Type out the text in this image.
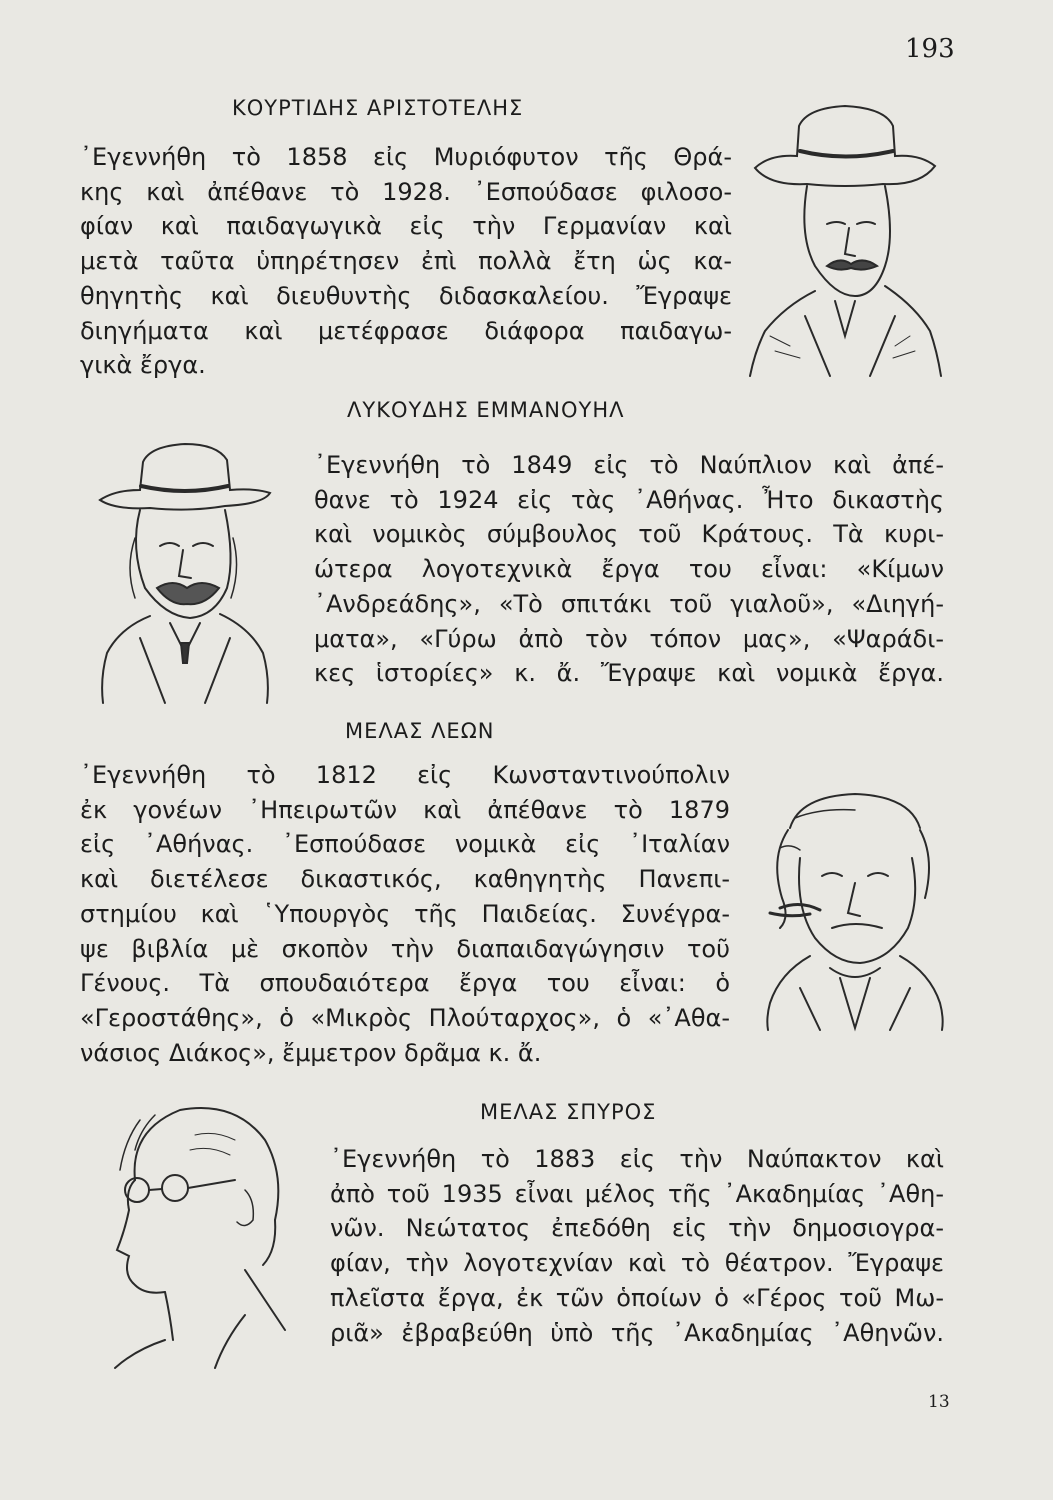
193
ΚΟΥΡΤΙΔΗΣ ΑΡΙΣΤΟΤΕΛΗΣ
᾿Εγεννήθη τὸ 1858 εἰς Μυριόφυτον τῆς Θρά-
κης καὶ ἀπέθανε τὸ 1928. ᾿Εσπούδασε φιλοσο-
φίαν καὶ παιδαγωγικὰ εἰς τὴν Γερμανίαν καὶ
μετὰ ταῦτα ὑπηρέτησεν ἐπὶ πολλὰ ἔτη ὡς κα-
θηγητὴς καὶ διευθυντὴς διδασκαλείου. Ἔγραψε
διηγήματα καὶ μετέφρασε διάφορα παιδαγω-
γικὰ ἔργα.
ΛΥΚΟΥΔΗΣ ΕΜΜΑΝΟΥΗΛ
᾿Εγεννήθη τὸ 1849 εἰς τὸ Ναύπλιον καὶ ἀπέ-
θανε τὸ 1924 εἰς τὰς ᾿Αθήνας. Ἦτο δικαστὴς
καὶ νομικὸς σύμβουλος τοῦ Κράτους. Τὰ κυρι-
ώτερα λογοτεχνικὰ ἔργα του εἶναι: «Κίμων
᾿Ανδρεάδης», «Τὸ σπιτάκι τοῦ γιαλοῦ», «Διηγή-
ματα», «Γύρω ἀπὸ τὸν τόπον μας», «Ψαράδι-
κες ἱστορίες» κ. ἄ. Ἔγραψε καὶ νομικὰ ἔργα.
ΜΕΛΑΣ ΛΕΩΝ
᾿Εγεννήθη τὸ 1812 εἰς Κωνσταντινούπολιν
ἐκ γονέων ᾿Ηπειρωτῶν καὶ ἀπέθανε τὸ 1879
εἰς ᾿Αθήνας. ᾿Εσπούδασε νομικὰ εἰς ᾿Ιταλίαν
καὶ διετέλεσε δικαστικός, καθηγητὴς Πανεπι-
στημίου καὶ ῾Υπουργὸς τῆς Παιδείας. Συνέγρα-
ψε βιβλία μὲ σκοπὸν τὴν διαπαιδαγώγησιν τοῦ
Γένους. Τὰ σπουδαιότερα ἔργα του εἶναι: ὁ
«Γεροστάθης», ὁ «Μικρὸς Πλούταρχος», ὁ «᾿Αθα-
νάσιος Διάκος», ἔμμετρον δρᾶμα κ. ἄ.
ΜΕΛΑΣ ΣΠΥΡΟΣ
᾿Εγεννήθη τὸ 1883 εἰς τὴν Ναύπακτον καὶ
ἀπὸ τοῦ 1935 εἶναι μέλος τῆς ᾿Ακαδημίας ᾿Αθη-
νῶν. Νεώτατος ἐπεδόθη εἰς τὴν δημοσιογρα-
φίαν, τὴν λογοτεχνίαν καὶ τὸ θέατρον. Ἔγραψε
πλεῖστα ἔργα, ἐκ τῶν ὁποίων ὁ «Γέρος τοῦ Μω-
ριᾶ» ἐβραβεύθη ὑπὸ τῆς ᾿Ακαδημίας ᾿Αθηνῶν.
13
